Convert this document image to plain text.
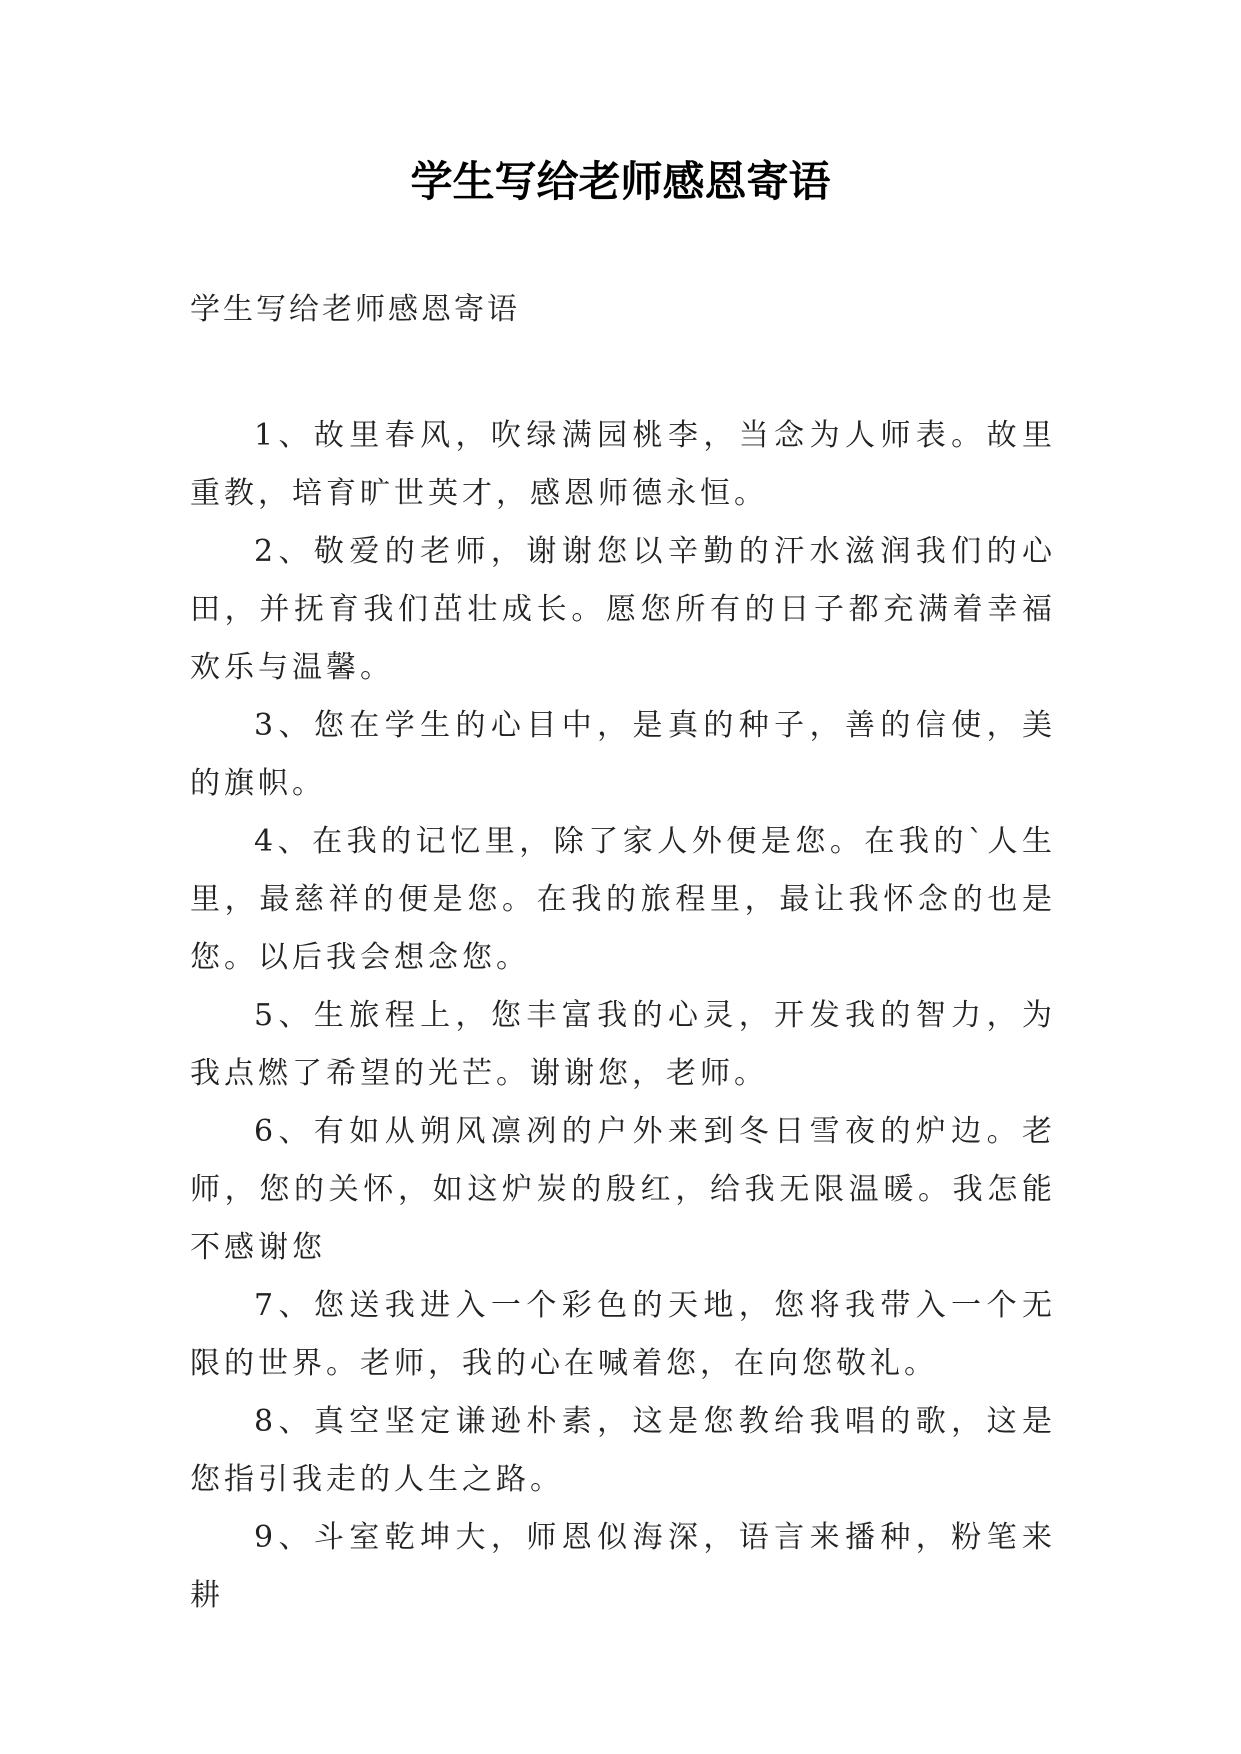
学生写给老师感恩寄语
学生写给老师感恩寄语

1、故里春风，吹绿满园桃李，当念为人师表。故里重教，培育旷世英才，感恩师德永恒。

2、敬爱的老师，谢谢您以辛勤的汗水滋润我们的心田，并抚育我们茁壮成长。愿您所有的日子都充满着幸福欢乐与温馨。

3、您在学生的心目中，是真的种子，善的信使，美的旗帜。

4、在我的记忆里，除了家人外便是您。在我的`人生里，最慈祥的便是您。在我的旅程里，最让我怀念的也是您。以后我会想念您。

5、生旅程上，您丰富我的心灵，开发我的智力，为我点燃了希望的光芒。谢谢您，老师。

6、有如从朔风凛冽的户外来到冬日雪夜的炉边。老师，您的关怀，如这炉炭的殷红，给我无限温暖。我怎能不感谢您

7、您送我进入一个彩色的天地，您将我带入一个无限的世界。老师，我的心在喊着您，在向您敬礼。

8、真空坚定谦逊朴素，这是您教给我唱的歌，这是您指引我走的人生之路。

9、斗室乾坤大，师恩似海深，语言来播种，粉笔来耕
